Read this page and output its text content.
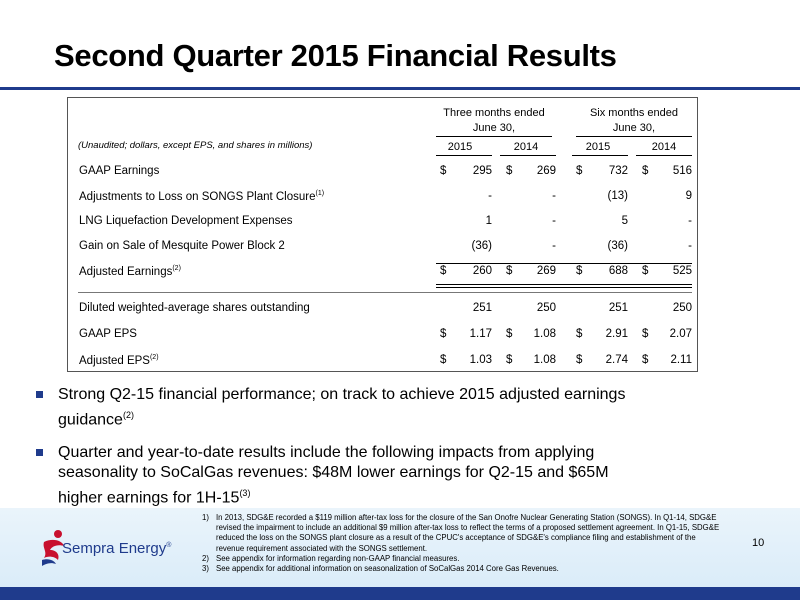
Second Quarter 2015 Financial Results
Three months ended
June 30,
Six months ended
June 30,
2015	2014	2015	2014
(Unaudited; dollars, except EPS, and shares in millions)
GAAP Earnings	$	295 $	269 $	732 $	516
Adjustments to Loss on SONGS Plant Closure$^{(1)}$	-	-	(13)	9
LNG Liquefaction Development Expenses	1	-	5	-
Gain on Sale of Mesquite Power Block 2	(36)	-	(36)	-
Adjusted Earnings$^{(2)}$	$	260 $	269 $	688 $	525
Diluted weighted-average shares outstanding	251	250	251	250
GAAP EPS	$	1.17 $	1.08 $	2.91 $	2.07
Adjusted EPS$^{(2)}$	$	1.03 $	1.08 $	2.74 $	2.11
Strong Q2-15 financial performance; on track to achieve 2015 adjusted earnings
guidance$^{(2)}$
Quarter and year-to-date results include the following impacts from applying
seasonality to SoCalGas revenues: $48M lower earnings for Q2-15 and $65M
higher earnings for 1H-15$^{(3)}$
Sempra Energy®
1) In 2013, SDG&E recorded a $119 million after-tax loss for the closure of the San Onofre Nuclear Generating Station (SONGS). In Q1-14, SDG&E revised the impairment to include an additional $9 million after-tax loss to reflect the terms of a proposed settlement agreement. In Q1-15, SDG&E reduced the loss on the SONGS plant closure as a result of the CPUC's acceptance of SDG&E's compliance filing and establishment of the revenue requirement associated with the SONGS settlement.
2) See appendix for information regarding non-GAAP financial measures.
3) See appendix for additional information on seasonalization of SoCalGas 2014 Core Gas Revenues.
10
